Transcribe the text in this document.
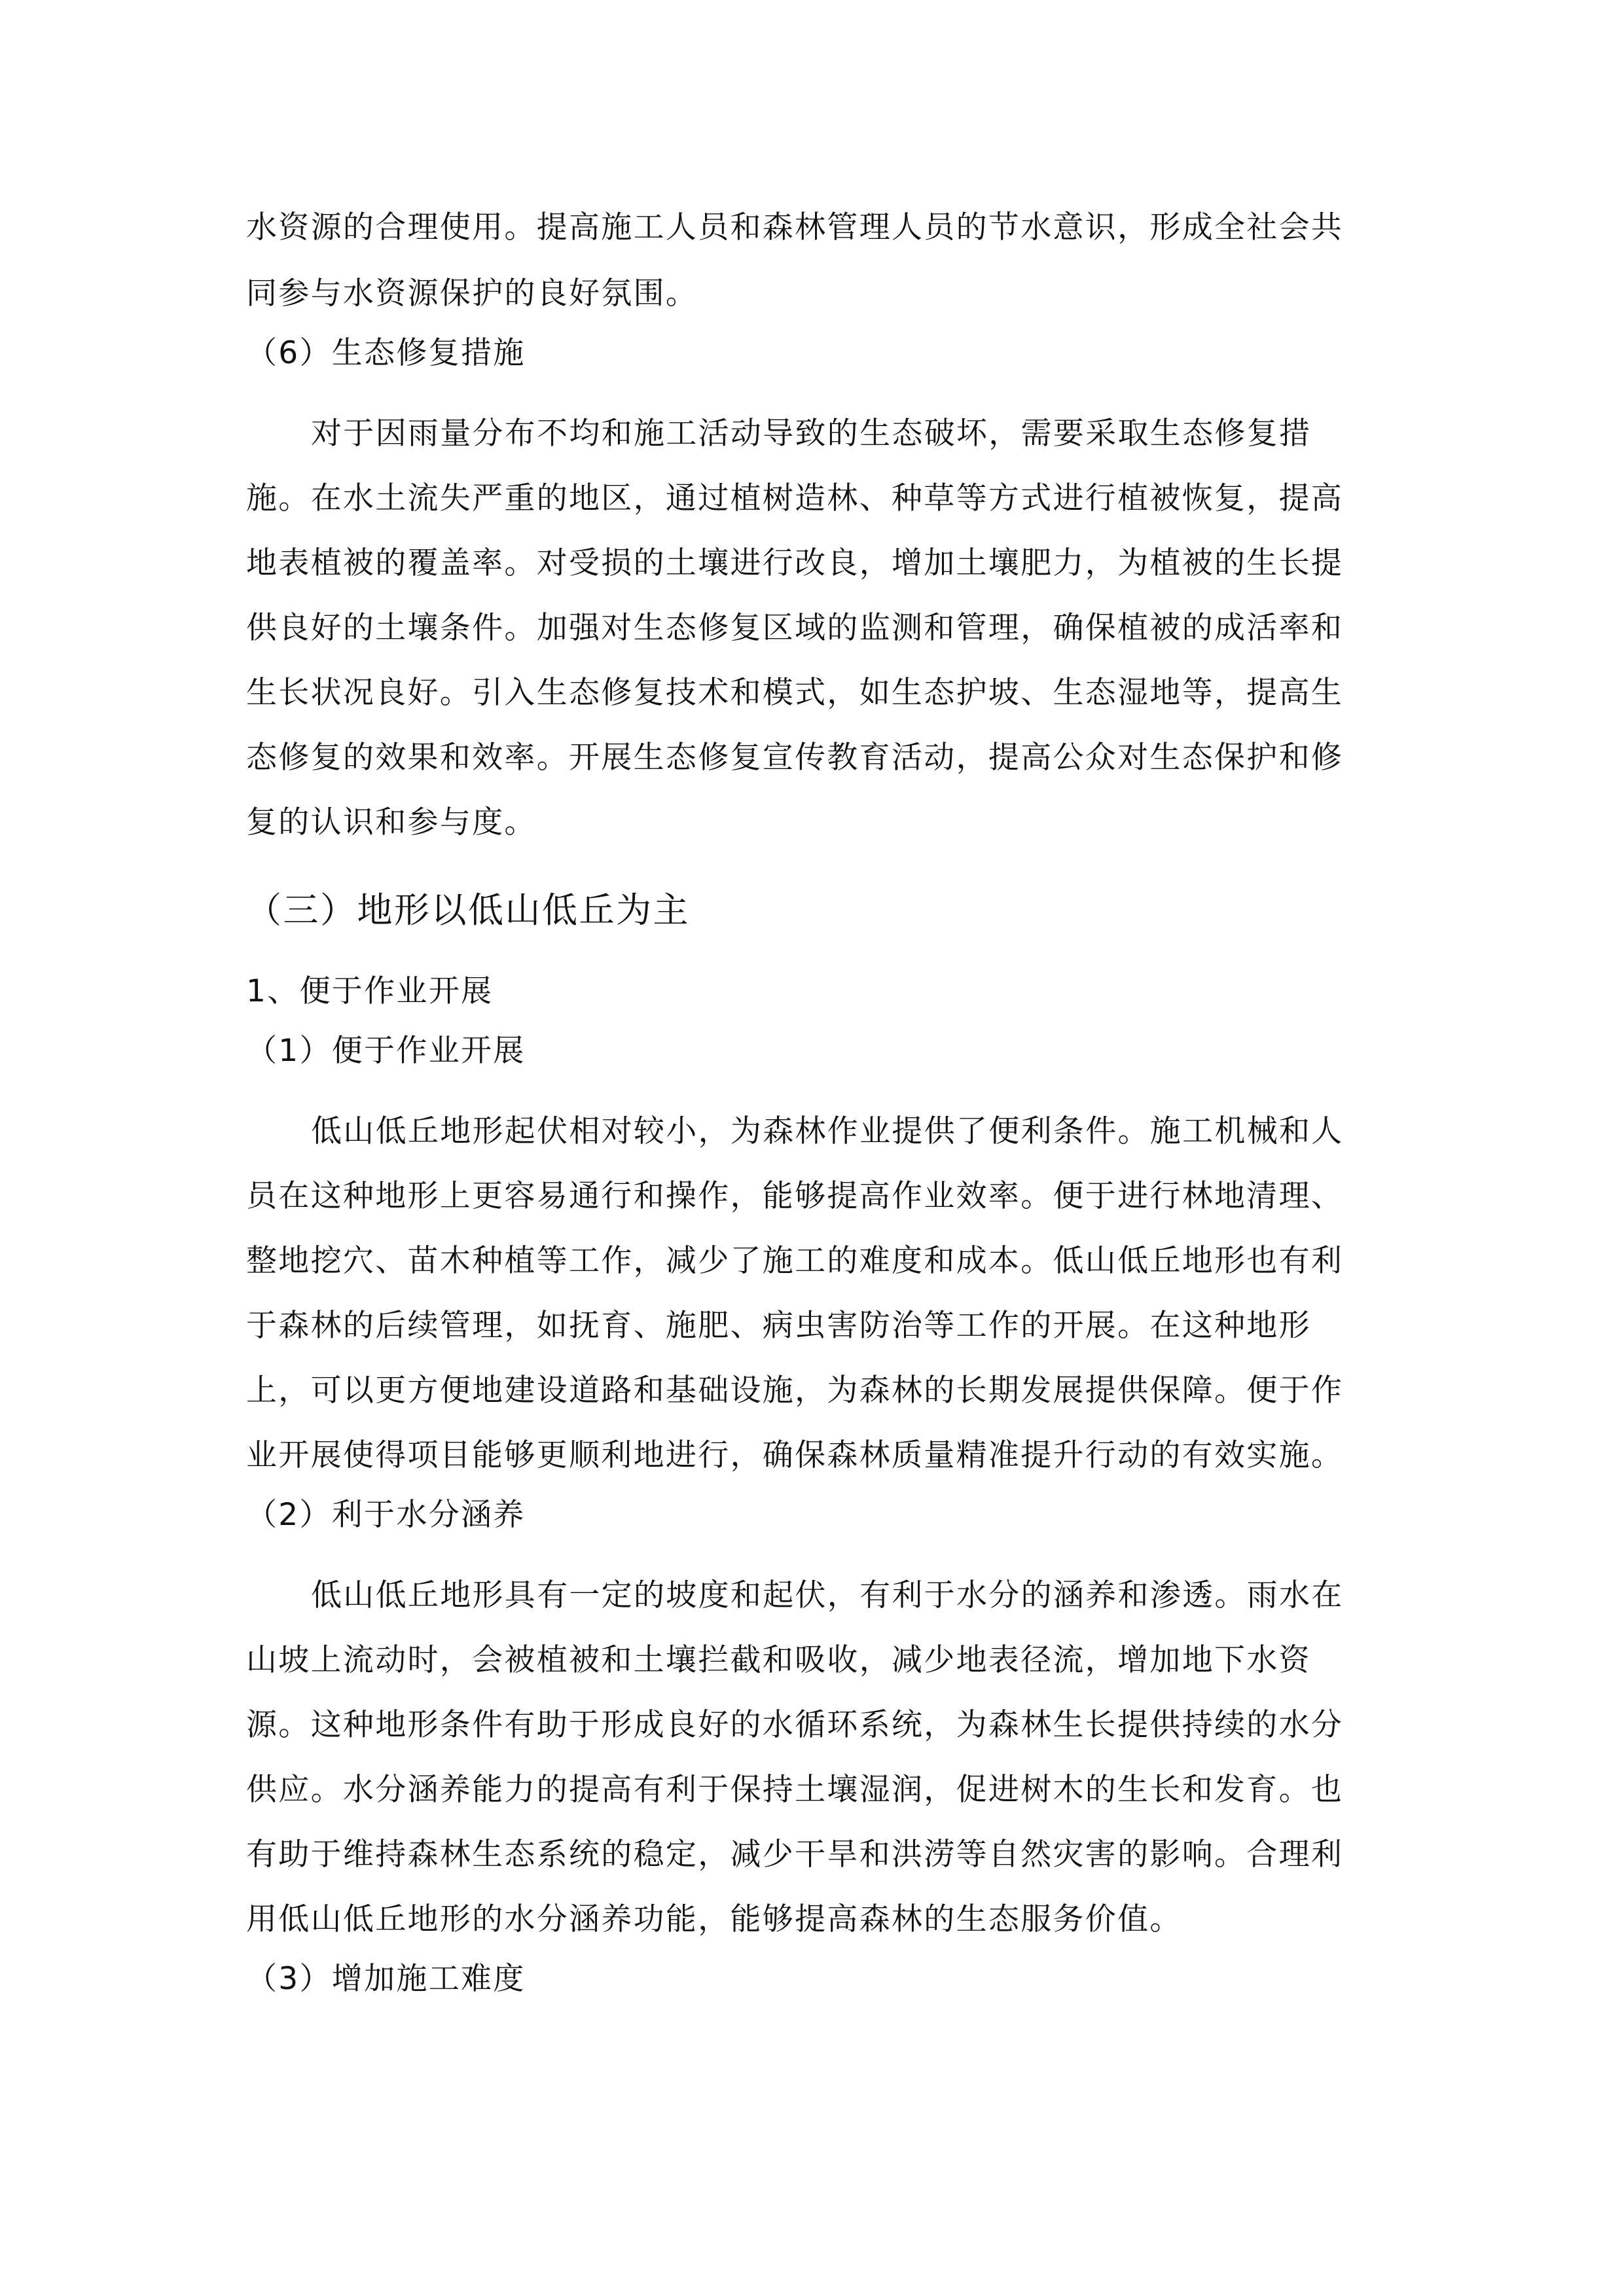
水资源的合理使用。提高施工人员和森林管理人员的节水意识，形成全社会共

同参与水资源保护的良好氛围。

（6）生态修复措施

对于因雨量分布不均和施工活动导致的生态破坏，需要采取生态修复措

施。在水土流失严重的地区，通过植树造林、种草等方式进行植被恢复，提高

地表植被的覆盖率。对受损的土壤进行改良，增加土壤肥力，为植被的生长提

供良好的土壤条件。加强对生态修复区域的监测和管理，确保植被的成活率和

生长状况良好。引入生态修复技术和模式，如生态护坡、生态湿地等，提高生

态修复的效果和效率。开展生态修复宣传教育活动，提高公众对生态保护和修

复的认识和参与度。

（三）地形以低山低丘为主

1、便于作业开展

（1）便于作业开展

低山低丘地形起伏相对较小，为森林作业提供了便利条件。施工机械和人

员在这种地形上更容易通行和操作，能够提高作业效率。便于进行林地清理、

整地挖穴、苗木种植等工作，减少了施工的难度和成本。低山低丘地形也有利

于森林的后续管理，如抚育、施肥、病虫害防治等工作的开展。在这种地形

上，可以更方便地建设道路和基础设施，为森林的长期发展提供保障。便于作

业开展使得项目能够更顺利地进行，确保森林质量精准提升行动的有效实施。

（2）利于水分涵养

低山低丘地形具有一定的坡度和起伏，有利于水分的涵养和渗透。雨水在

山坡上流动时，会被植被和土壤拦截和吸收，减少地表径流，增加地下水资

源。这种地形条件有助于形成良好的水循环系统，为森林生长提供持续的水分

供应。水分涵养能力的提高有利于保持土壤湿润，促进树木的生长和发育。也

有助于维持森林生态系统的稳定，减少干旱和洪涝等自然灾害的影响。合理利

用低山低丘地形的水分涵养功能，能够提高森林的生态服务价值。

（3）增加施工难度
